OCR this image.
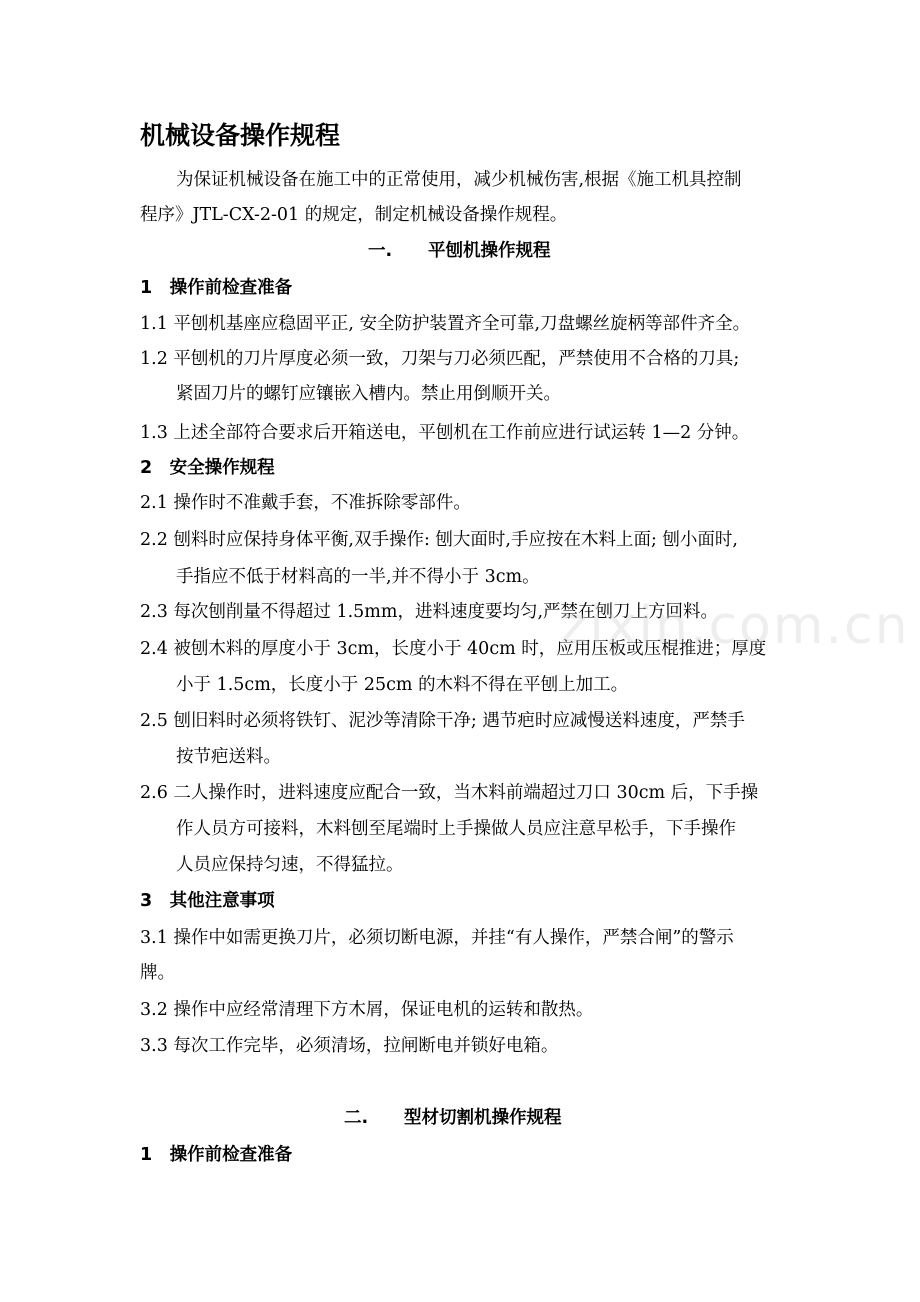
机械设备操作规程
为保证机械设备在施工中的正常使用，减少机械伤害,根据《施工机具控制
程序》JTL-CX-2-01 的规定，制定机械设备操作规程。
一. 平刨机操作规程
1　操作前检查准备
1.1 平刨机基座应稳固平正, 安全防护装置齐全可靠,刀盘螺丝旋柄等部件齐全。
1.2 平刨机的刀片厚度必须一致，刀架与刀必须匹配，严禁使用不合格的刀具;
紧固刀片的螺钉应镶嵌入槽内。禁止用倒顺开关。
1.3 上述全部符合要求后开箱送电，平刨机在工作前应进行试运转 1—2 分钟。
2　安全操作规程
2.1 操作时不准戴手套，不准拆除零部件。
2.2 刨料时应保持身体平衡,双手操作: 刨大面时,手应按在木料上面; 刨小面时,
手指应不低于材料高的一半,并不得小于 3cm。
2.3 每次刨削量不得超过 1.5mm，进料速度要均匀,严禁在刨刀上方回料。
2.4 被刨木料的厚度小于 3cm，长度小于 40cm 时，应用压板或压棍推进；厚度
小于 1.5cm，长度小于 25cm 的木料不得在平刨上加工。
2.5 刨旧料时必须将铁钉、泥沙等清除干净; 遇节疤时应减慢送料速度，严禁手
按节疤送料。
2.6 二人操作时，进料速度应配合一致，当木料前端超过刀口 30cm 后，下手操
作人员方可接料，木料刨至尾端时上手操做人员应注意早松手，下手操作
人员应保持匀速，不得猛拉。
3　其他注意事项
3.1 操作中如需更换刀片，必须切断电源，并挂“有人操作，严禁合闸”的警示
牌。
3.2 操作中应经常清理下方木屑，保证电机的运转和散热。
3.3 每次工作完毕，必须清场，拉闸断电并锁好电箱。
二. 型材切割机操作规程
1　操作前检查准备
zixin.com.cn
